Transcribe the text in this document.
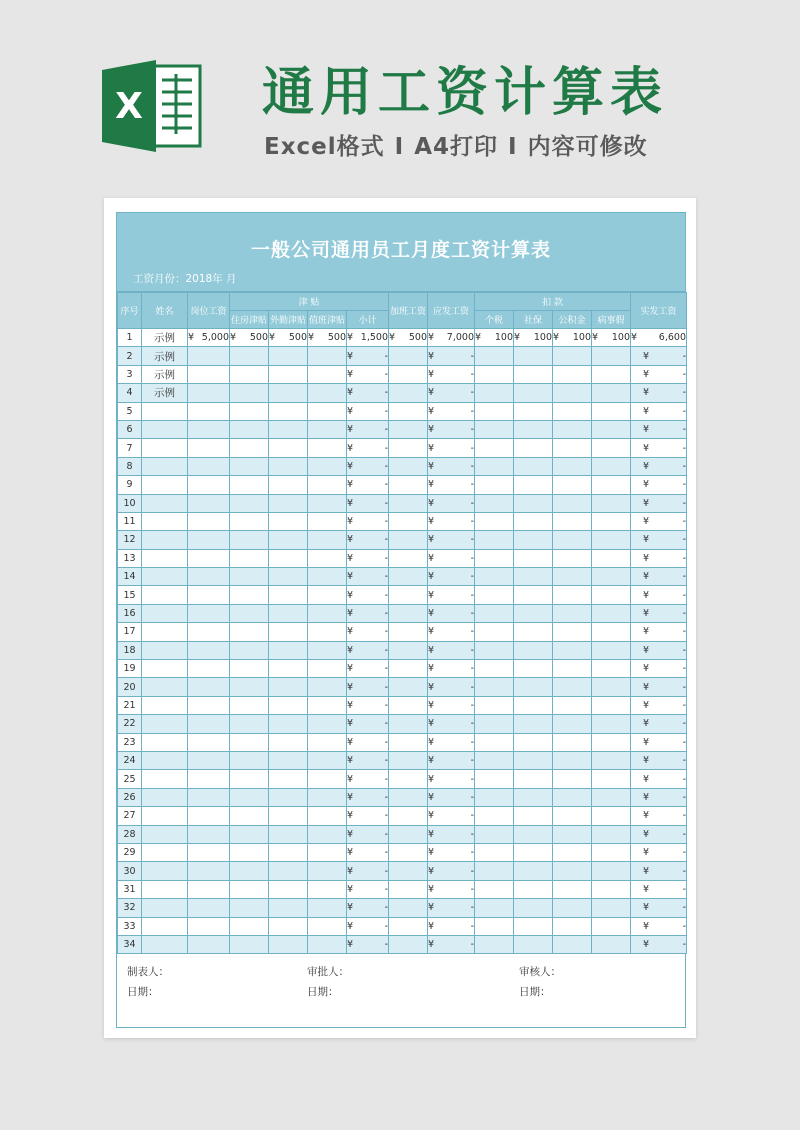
X 通用工资计算表
Excel格式 I A4打印 I 内容可修改
一般公司通用员工月度工资计算表
工资月份：2018年 月
序号	姓名	岗位工资	津 贴				加班工资	应发工资	扣 款				实发工资
			住房津贴	外勤津贴	值班津贴	小计			个税	社保	公积金	病事假	
1	示例	¥ 5,000	¥ 500	¥ 500	¥ 500	¥ 1,500	¥ 500	¥ 7,000	¥ 100	¥ 100	¥ 100	¥ 100	¥ 6,600

2	示例					¥ -		¥ -					¥ -

3	示例					¥ -		¥ -					¥ -

4	示例					¥ -		¥ -					¥ -

5						¥ -		¥ -					¥ -

6						¥ -		¥ -					¥ -

7						¥ -		¥ -					¥ -

8						¥ -		¥ -					¥ -

9						¥ -		¥ -					¥ -

10						¥ -		¥ -					¥ -

11						¥ -		¥ -					¥ -

12						¥ -		¥ -					¥ -

13						¥ -		¥ -					¥ -

14						¥ -		¥ -					¥ -

15						¥ -		¥ -					¥ -

16						¥ -		¥ -					¥ -

17						¥ -		¥ -					¥ -

18						¥ -		¥ -					¥ -

19						¥ -		¥ -					¥ -

20						¥ -		¥ -					¥ -

21						¥ -		¥ -					¥ -

22						¥ -		¥ -					¥ -

23						¥ -		¥ -					¥ -

24						¥ -		¥ -					¥ -

25						¥ -		¥ -					¥ -

26						¥ -		¥ -					¥ -

27						¥ -		¥ -					¥ -

28						¥ -		¥ -					¥ -

29						¥ -		¥ -					¥ -

30						¥ -		¥ -					¥ -

31						¥ -		¥ -					¥ -

32						¥ -		¥ -					¥ -

33						¥ -		¥ -					¥ -

34						¥ -		¥ -					¥ -
制表人：	审批人：	审核人：
日期：	日期：	日期：
